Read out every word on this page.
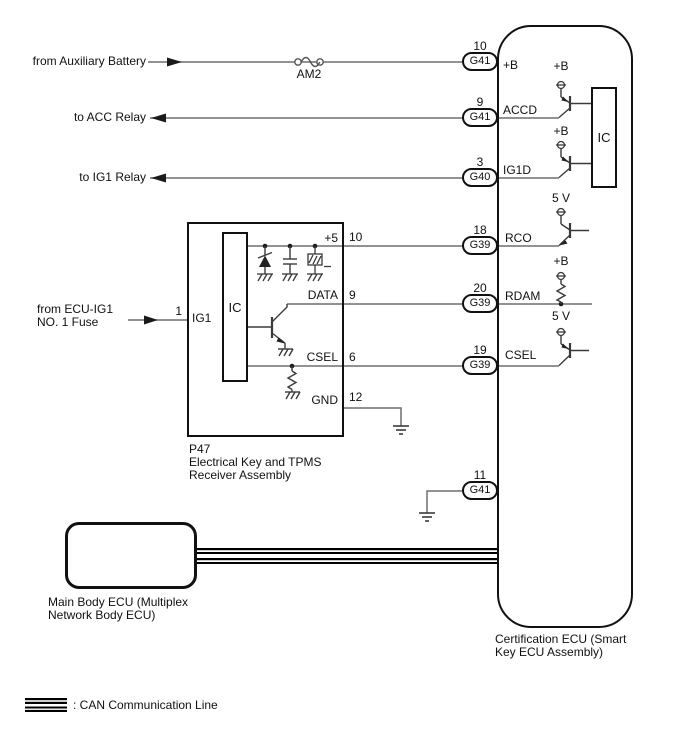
G41
G41
G40
G39
G39
G39
G41
from Auxiliary Battery
to ACC Relay
to IG1 Relay
from ECU-IG1
NO. 1 Fuse
AM2
10
9
3
18
20
19
11
+B
ACCD
IG1D
RCO
RDAM
CSEL
+B
+B
5 V
+B
5 V
IC
IC
+5
DATA
CSEL
GND
IG1
10
9
6
12
1
P47
Electrical Key and TPMS
Receiver Assembly
Main Body ECU (Multiplex
Network Body ECU)
Certification ECU (Smart
Key ECU Assembly)
: CAN Communication Line
